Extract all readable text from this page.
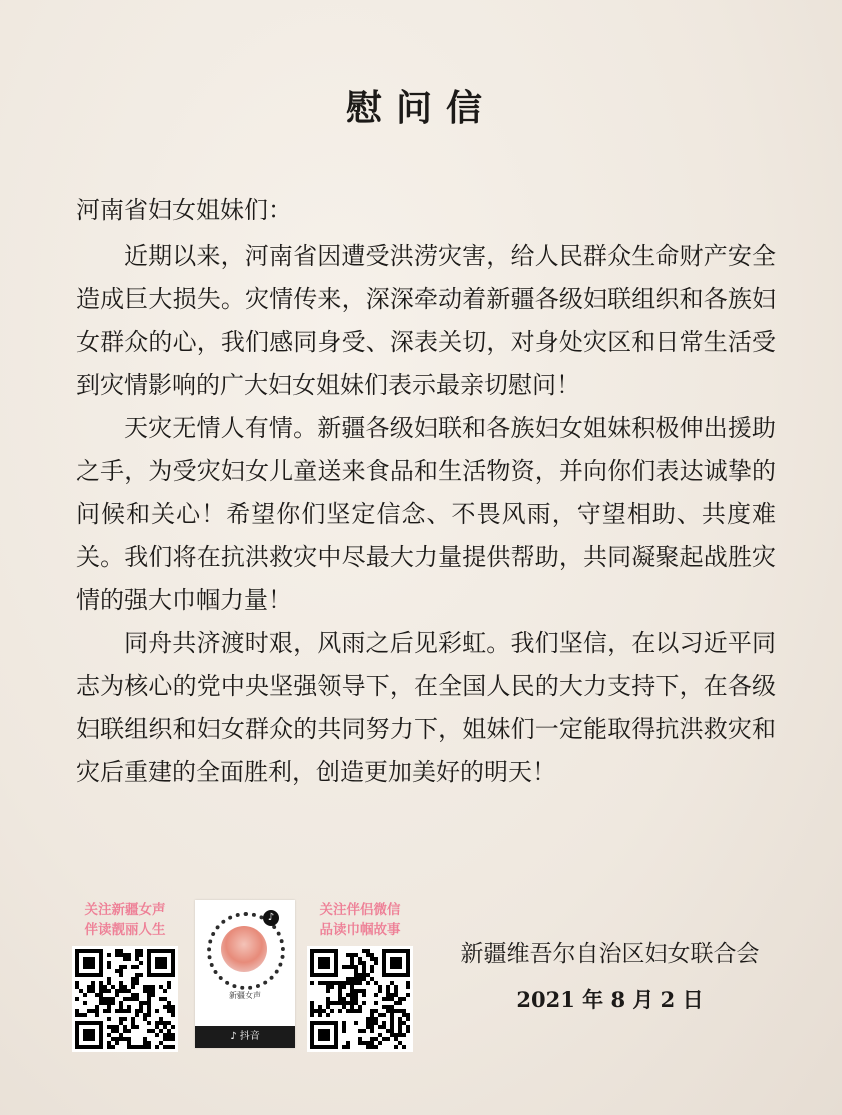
慰问信
河南省妇女姐妹们：

近期以来，河南省因遭受洪涝灾害，给人民群众生命财产安全造成巨大损失。灾情传来，深深牵动着新疆各级妇联组织和各族妇女群众的心，我们感同身受、深表关切，对身处灾区和日常生活受到灾情影响的广大妇女姐妹们表示最亲切慰问！

天灾无情人有情。新疆各级妇联和各族妇女姐妹积极伸出援助之手，为受灾妇女儿童送来食品和生活物资，并向你们表达诚挚的问候和关心！希望你们坚定信念、不畏风雨，守望相助、共度难关。我们将在抗洪救灾中尽最大力量提供帮助，共同凝聚起战胜灾情的强大巾帼力量！

同舟共济渡时艰，风雨之后见彩虹。我们坚信，在以习近平同志为核心的党中央坚强领导下，在全国人民的大力支持下，在各级妇联组织和妇女群众的共同努力下，姐妹们一定能取得抗洪救灾和灾后重建的全面胜利，创造更加美好的明天！

关注新疆女声
伴读靓丽人生
♪
新疆女声
♪ 抖音
关注伴侣微信
品读巾帼故事
新疆维吾尔自治区妇女联合会
2021 年 8 月 2 日
